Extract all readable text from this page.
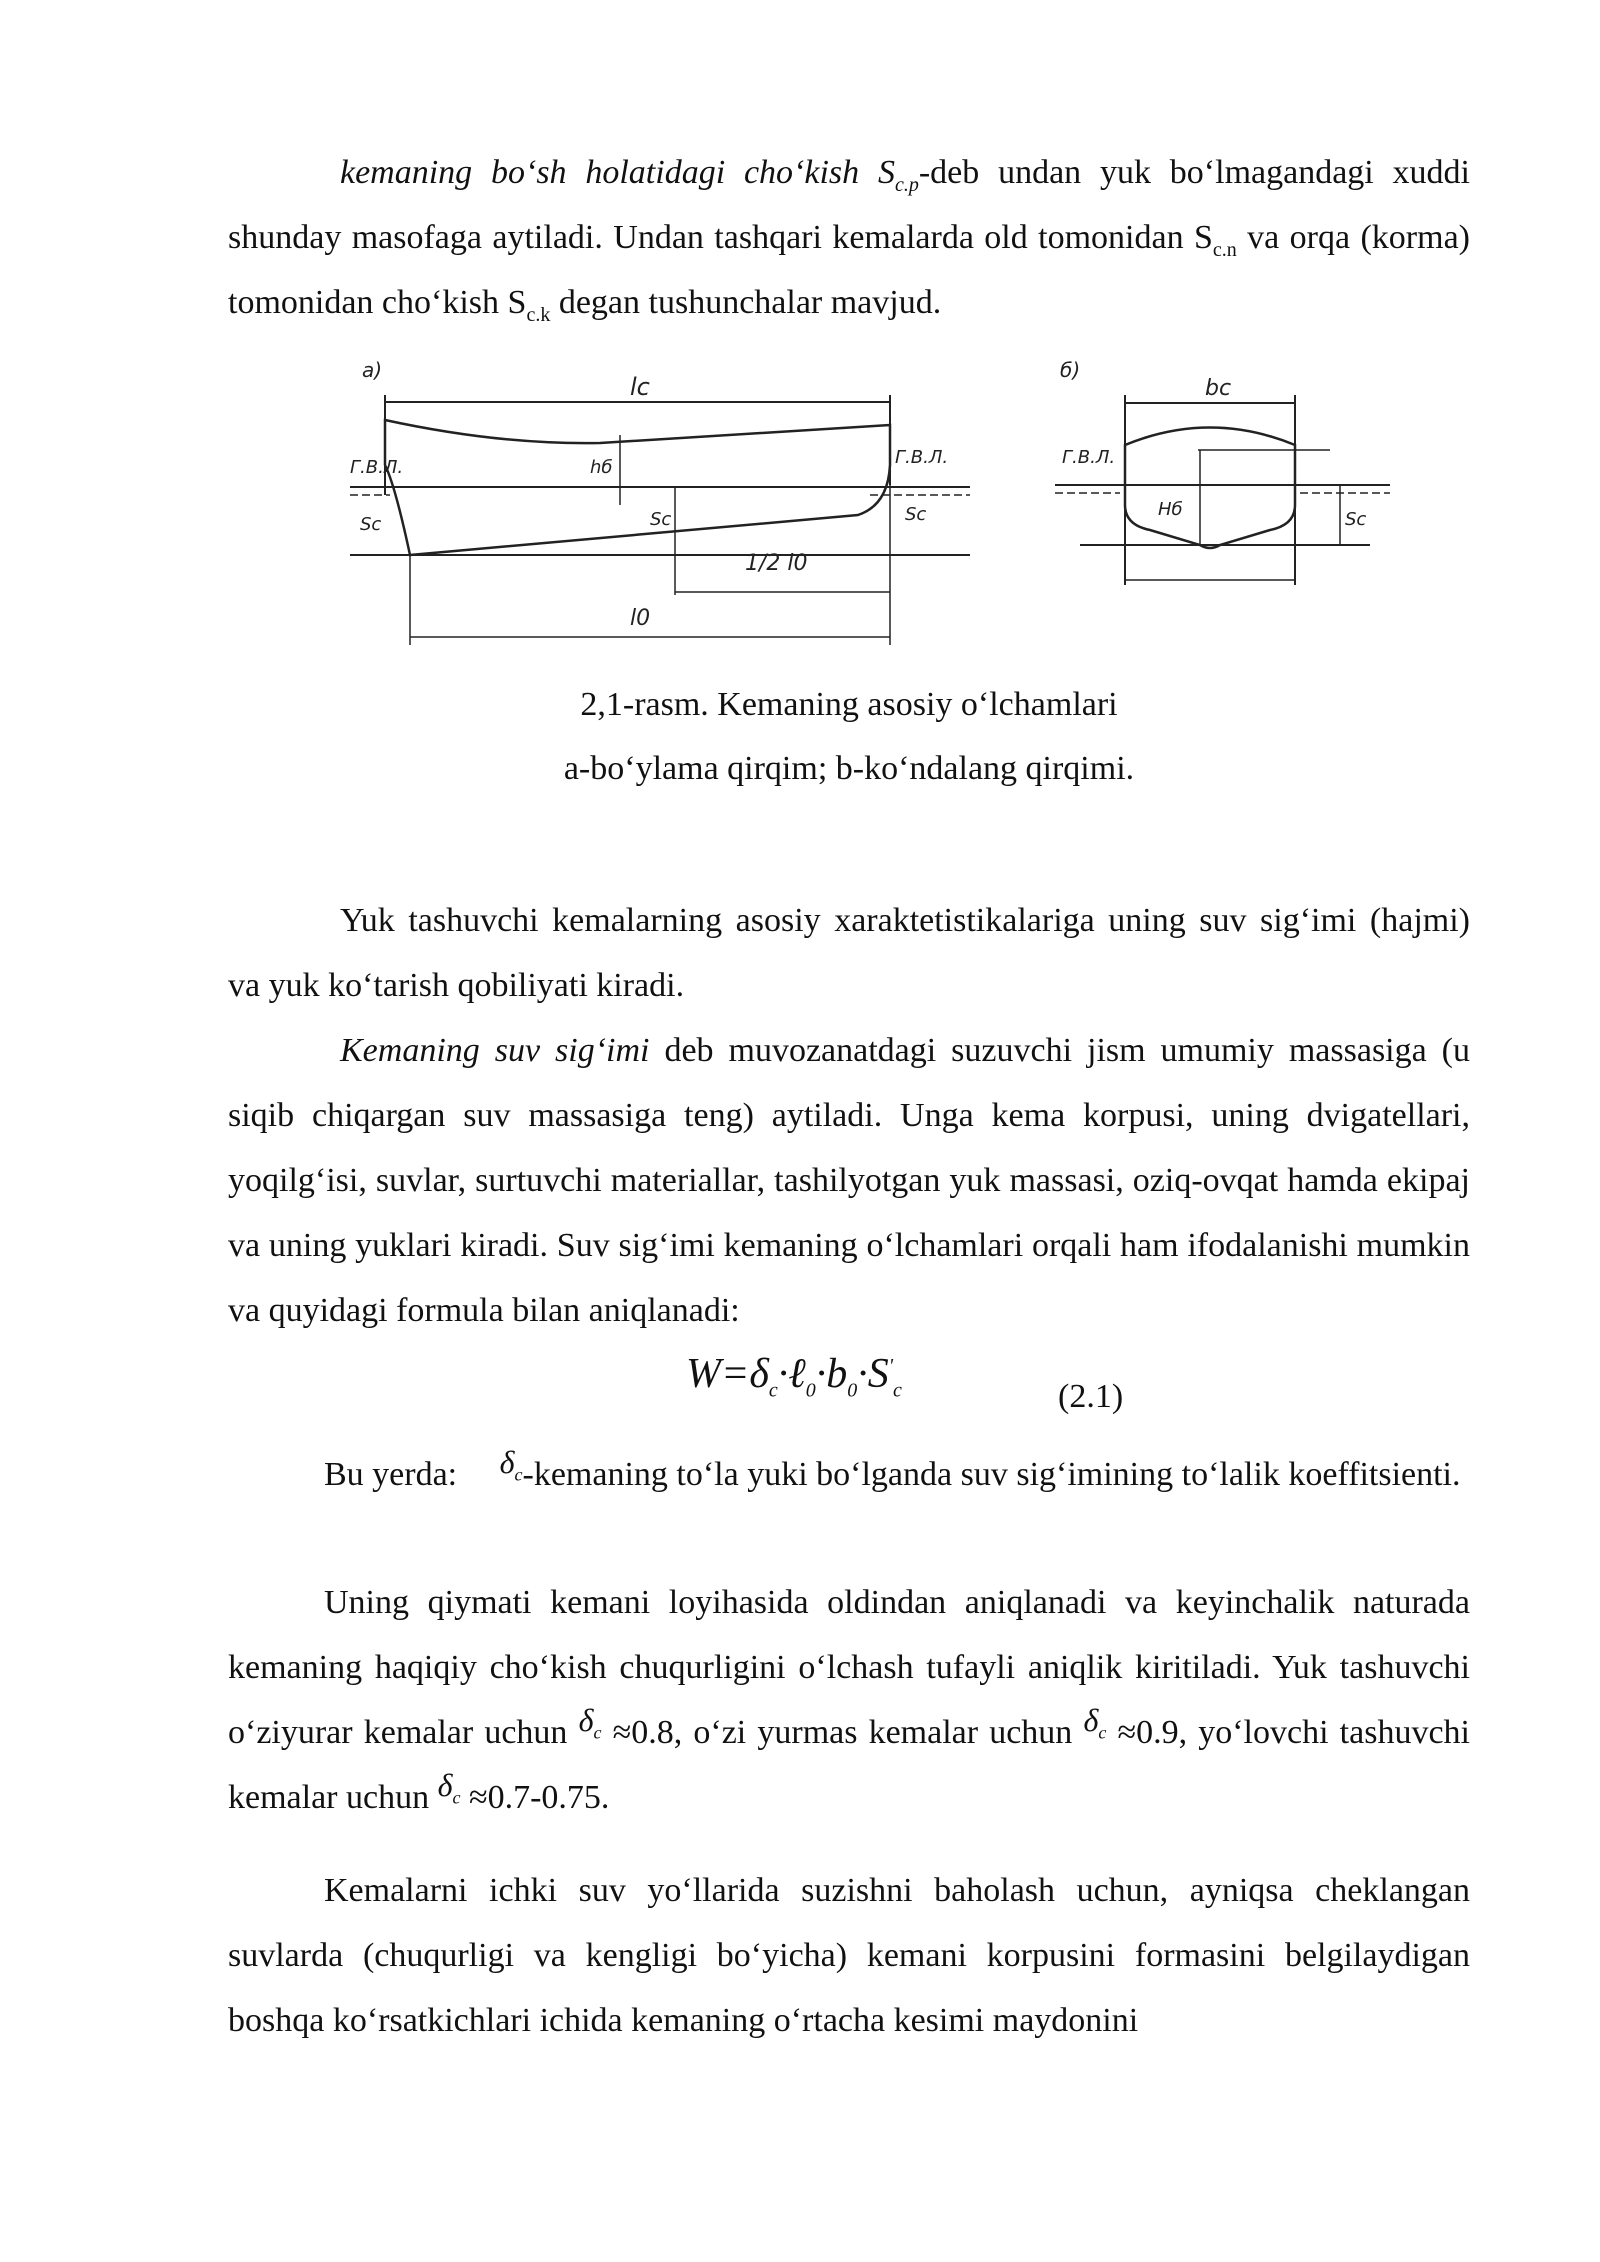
kemaning bo‘sh holatidagi cho‘kish $S_{c.p}$-deb undan yuk bo‘lmagandagi xuddi shunday masofaga aytiladi. Undan tashqari kemalarda old tomonidan $S_{c.n}$ va orqa (korma) tomonidan cho‘kish $S_{c.k}$ degan tushunchalar mavjud.

a)
lc
Г.В.Л.	Г.В.Л.
hб
Sc
Sc	Sc
1/2 l0
l0
б)
bc
Г.В.Л.
Hб	Sc
2,1-rasm. Kemaning asosiy o‘lchamlari
a-bo‘ylama qirqim; b-ko‘ndalang qirqimi.

Yuk tashuvchi kemalarning asosiy xaraktetistikalariga uning suv sig‘imi (hajmi) va yuk ko‘tarish qobiliyati kiradi.

Kemaning suv sig‘imi deb muvozanatdagi suzuvchi jism umumiy massasiga (u siqib chiqargan suv massasiga teng) aytiladi. Unga kema korpusi, uning dvigatellari, yoqilg‘isi, suvlar, surtuvchi materiallar, tashilyotgan yuk massasi, oziq-ovqat hamda ekipaj va uning yuklari kiradi. Suv sig‘imi kemaning o‘lchamlari orqali ham ifodalanishi mumkin va quyidagi formula bilan aniqlanadi:

$W=\delta_c\cdot\ell_0\cdot b_0\cdot S'_c$	(2.1)

Bu yerda:     $\delta_c$-kemaning to‘la yuki bo‘lganda suv sig‘imining to‘lalik koeffitsienti.

Uning qiymati kemani loyihasida oldindan aniqlanadi va keyinchalik naturada kemaning haqiqiy cho‘kish chuqurligini o‘lchash tufayli aniqlik kiritiladi. Yuk tashuvchi o‘ziyurar kemalar uchun $\delta_c \approx 0.8$, o‘zi yurmas kemalar uchun $\delta_c \approx 0.9$, yo‘lovchi tashuvchi kemalar uchun $\delta_c \approx 0.7-0.75$.

Kemalarni ichki suv yo‘llarida suzishni baholash uchun, ayniqsa cheklangan suvlarda (chuqurligi va kengligi bo‘yicha) kemani korpusini formasini belgilaydigan boshqa ko‘rsatkichlari ichida kemaning o‘rtacha kesimi maydonini
